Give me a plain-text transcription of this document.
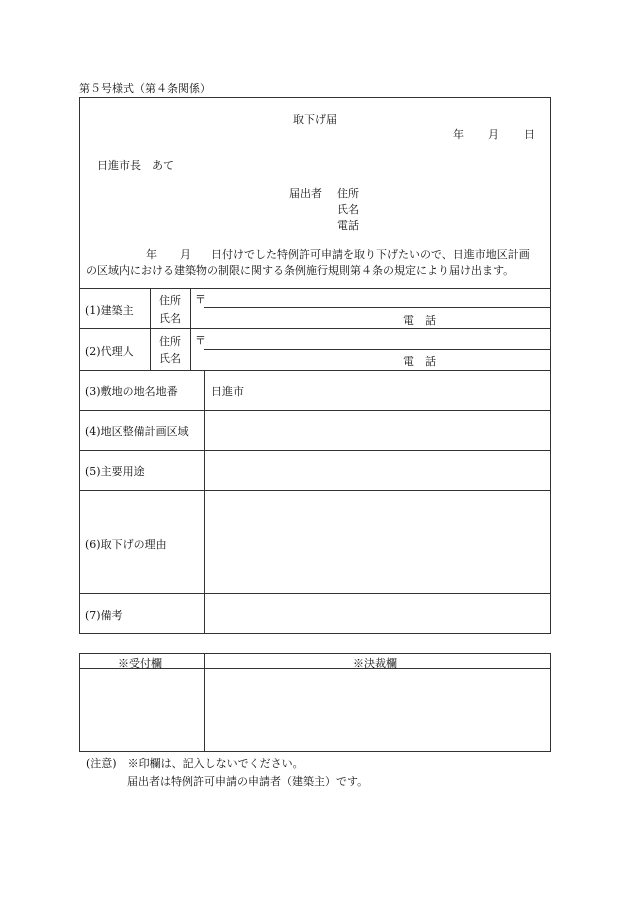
第５号様式（第４条関係）
取下げ届
年 月 日
日進市長　あて
届出者 住所
氏名
電話
年 月 日付けでした特例許可申請を取り下げたいので、日進市地区計画
の区域内における建築物の制限に関する条例施行規則第４条の規定により届け出ます。
(1)建築主
住所
氏名
〒
電　話
(2)代理人
住所
氏名
〒
電　話
(3)敷地の地名地番	日進市
(4)地区整備計画区域
(5)主要用途
(6)取下げの理由
(7)備考
※受付欄	※決裁欄
(注意)　※印欄は、記入しないでください。
届出者は特例許可申請の申請者（建築主）です。
